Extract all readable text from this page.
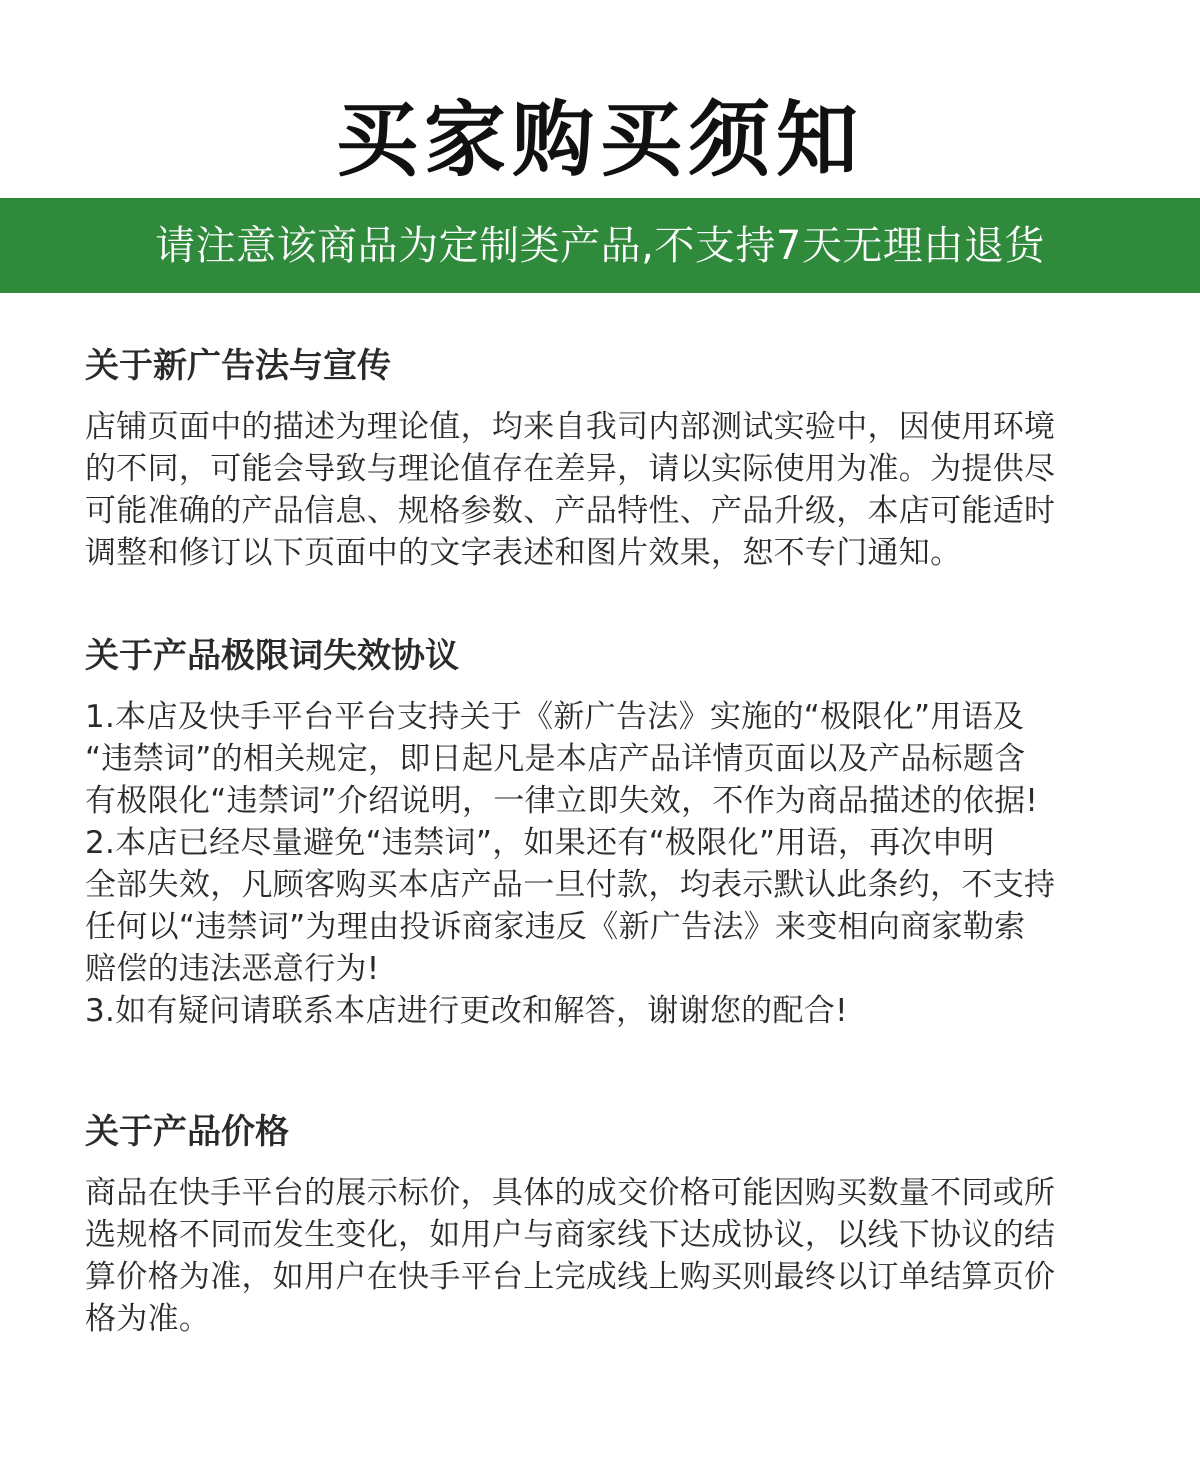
买家购买须知
请注意该商品为定制类产品,不支持7天无理由退货
关于新广告法与宣传

店铺页面中的描述为理论值，均来自我司内部测试实验中，因使用环境
的不同，可能会导致与理论值存在差异，请以实际使用为准。为提供尽
可能准确的产品信息、规格参数、产品特性、产品升级，本店可能适时
调整和修订以下页面中的文字表述和图片效果，恕不专门通知。

关于产品极限词失效协议

1.本店及快手平台平台支持关于《新广告法》实施的“极限化”用语及
“违禁词”的相关规定，即日起凡是本店产品详情页面以及产品标题含
有极限化“违禁词”介绍说明，一律立即失效，不作为商品描述的依据!
2.本店已经尽量避免“违禁词”，如果还有“极限化”用语，再次申明
全部失效，凡顾客购买本店产品一旦付款，均表示默认此条约，不支持
任何以“违禁词”为理由投诉商家违反《新广告法》来变相向商家勒索
赔偿的违法恶意行为!
3.如有疑问请联系本店进行更改和解答，谢谢您的配合!

关于产品价格

商品在快手平台的展示标价，具体的成交价格可能因购买数量不同或所
选规格不同而发生变化，如用户与商家线下达成协议，以线下协议的结
算价格为准，如用户在快手平台上完成线上购买则最终以订单结算页价
格为准。
